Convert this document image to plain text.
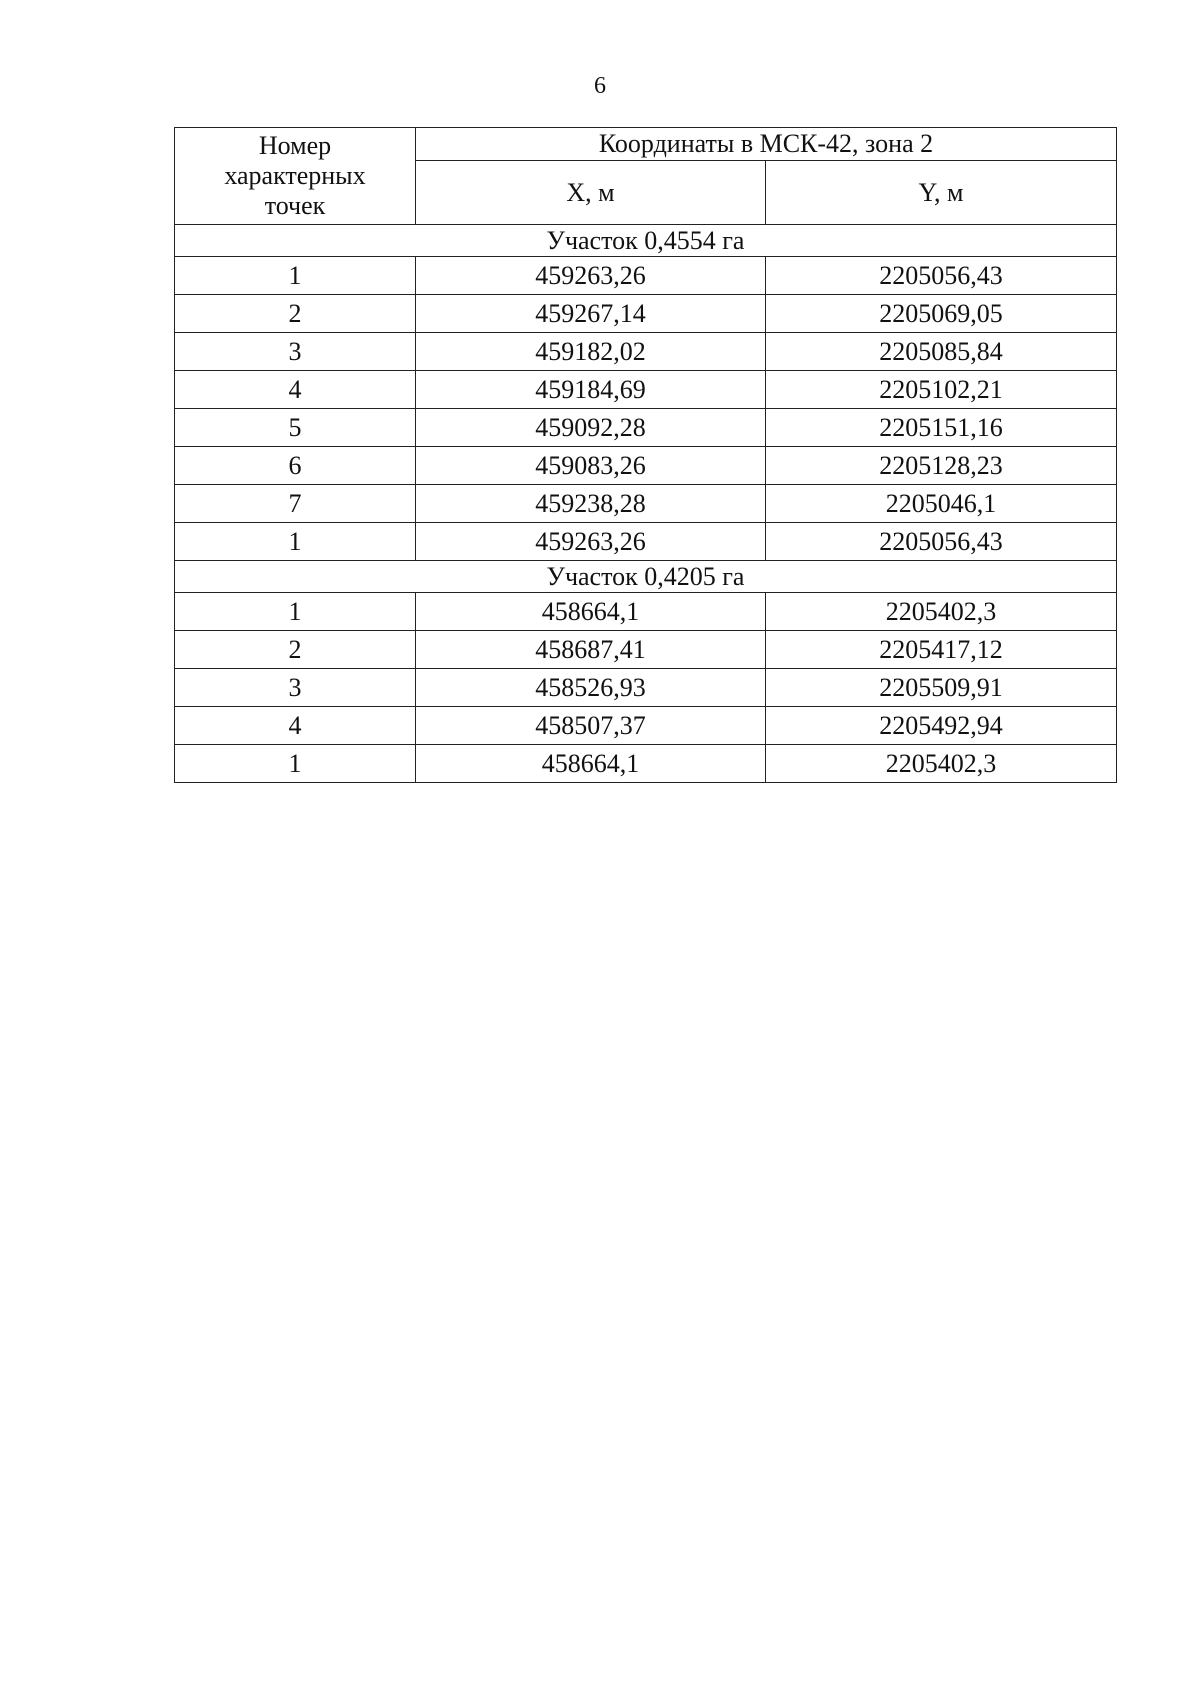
6
Номер
характерных
точек	Координаты в МСК-42, зона 2	
	X, м	Y, м
Участок 0,4554 га		
1	459263,26	2205056,43
2	459267,14	2205069,05
3	459182,02	2205085,84
4	459184,69	2205102,21
5	459092,28	2205151,16
6	459083,26	2205128,23
7	459238,28	2205046,1
1	459263,26	2205056,43
Участок 0,4205 га		
1	458664,1	2205402,3
2	458687,41	2205417,12
3	458526,93	2205509,91
4	458507,37	2205492,94
1	458664,1	2205402,3
